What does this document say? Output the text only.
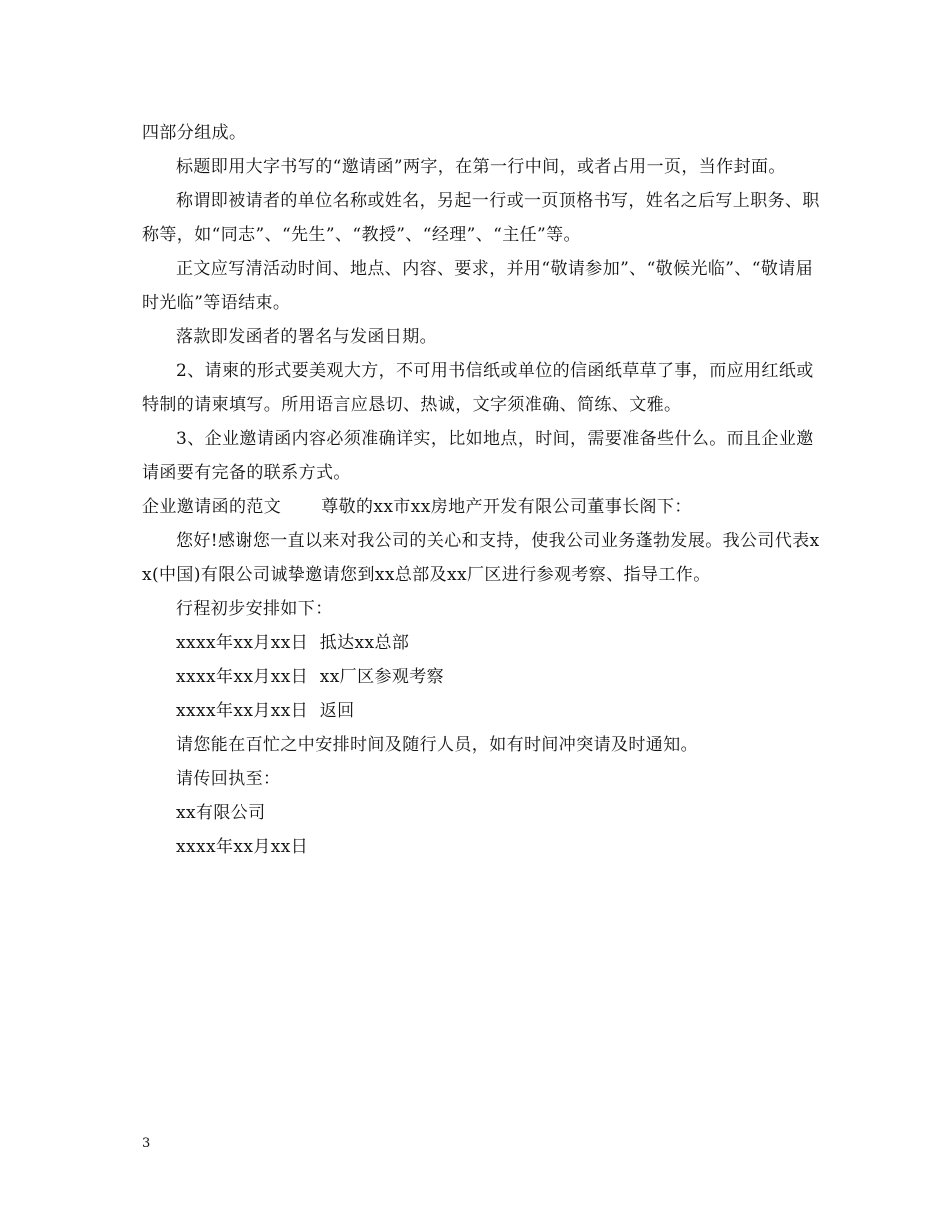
四部分组成。

标题即用大字书写的“邀请函”两字，在第一行中间，或者占用一页，当作封面。

称谓即被请者的单位名称或姓名，另起一行或一页顶格书写，姓名之后写上职务、职称等，如“同志”、“先生”、“教授”、“经理”、“主任”等。

正文应写清活动时间、地点、内容、要求，并用“敬请参加”、“敬候光临”、“敬请届时光临”等语结束。

落款即发函者的署名与发函日期。

2、请柬的形式要美观大方，不可用书信纸或单位的信函纸草草了事，而应用红纸或特制的请柬填写。所用语言应恳切、热诚，文字须准确、简练、文雅。

3、企业邀请函内容必须准确详实，比如地点，时间，需要准备些什么。而且企业邀请函要有完备的联系方式。

企业邀请函的范文 尊敬的xx市xx房地产开发有限公司董事长阁下：

您好!感谢您一直以来对我公司的关心和支持，使我公司业务蓬勃发展。我公司代表xx(中国)有限公司诚挚邀请您到xx总部及xx厂区进行参观考察、指导工作。

行程初步安排如下：

xxxx年xx月xx日  抵达xx总部

xxxx年xx月xx日  xx厂区参观考察

xxxx年xx月xx日  返回

请您能在百忙之中安排时间及随行人员，如有时间冲突请及时通知。

请传回执至：

xx有限公司

xxxx年xx月xx日

3
